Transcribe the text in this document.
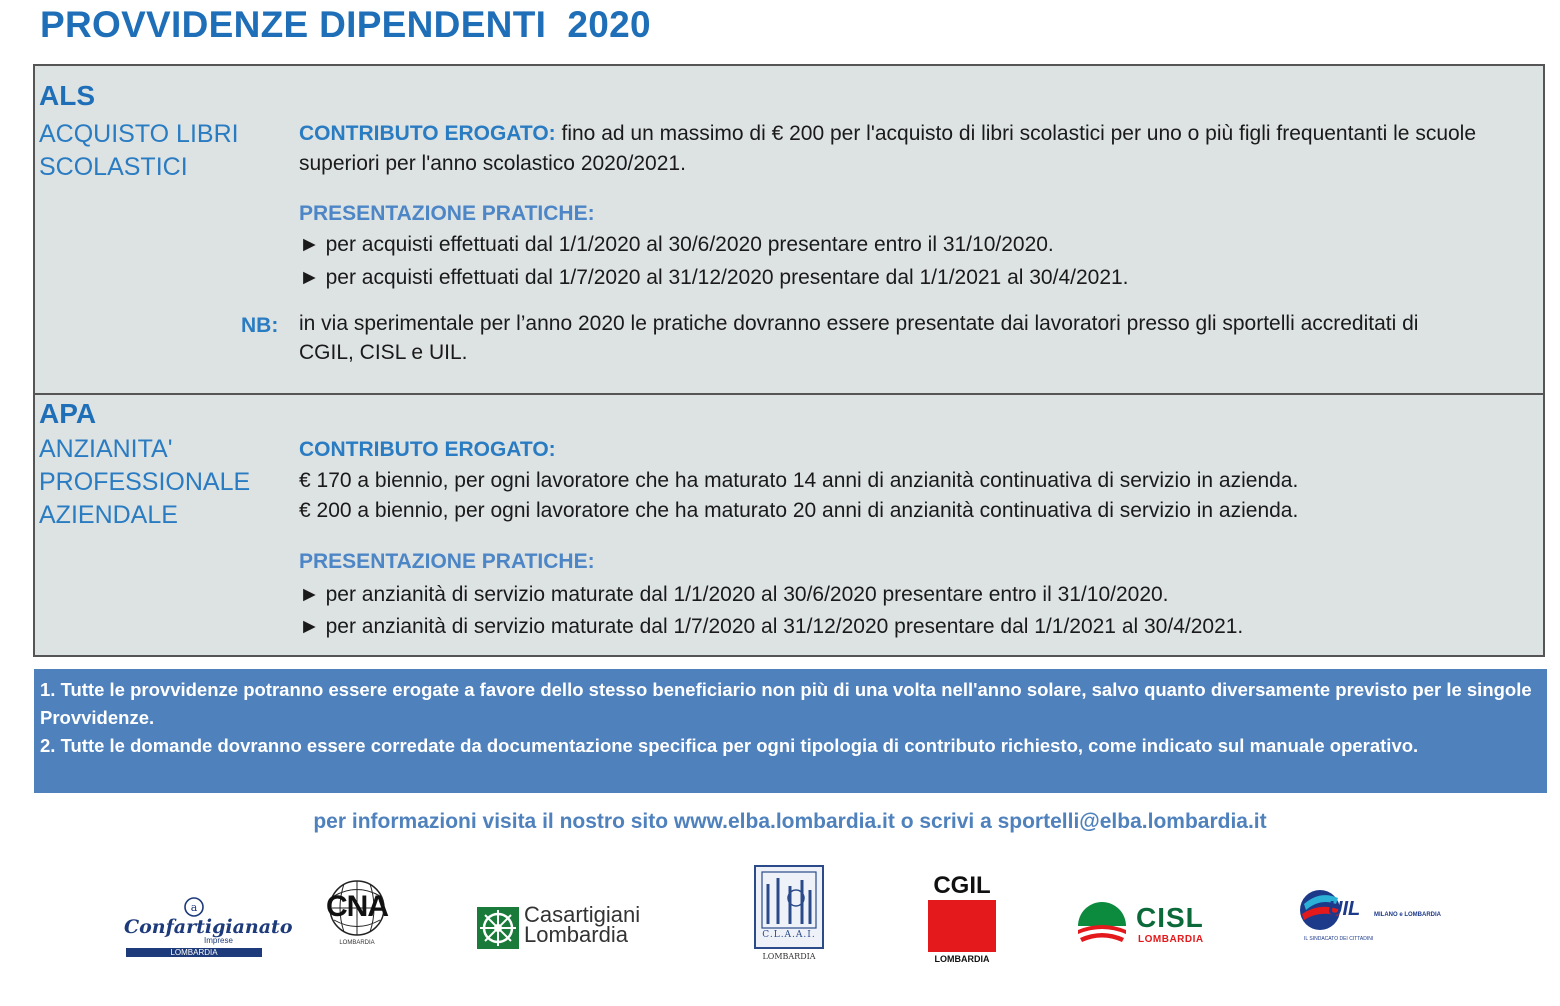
PROVVIDENZE DIPENDENTI  2020
ALS
ACQUISTO LIBRI SCOLASTICI
CONTRIBUTO EROGATO: fino ad un massimo di € 200 per l'acquisto di libri scolastici per uno o più figli frequentanti le scuole superiori per l'anno scolastico 2020/2021.
PRESENTAZIONE PRATICHE:
► per acquisti effettuati dal 1/1/2020 al 30/6/2020 presentare entro il 31/10/2020.
► per acquisti effettuati dal 1/7/2020 al 31/12/2020 presentare dal 1/1/2021 al 30/4/2021.
NB: in via sperimentale per l’anno 2020 le pratiche dovranno essere presentate dai lavoratori presso gli sportelli accreditati di CGIL, CISL e UIL.
APA
ANZIANITA' PROFESSIONALE AZIENDALE
CONTRIBUTO EROGATO:
€ 170 a biennio, per ogni lavoratore che ha maturato 14 anni di anzianità continuativa di servizio in azienda.
€ 200 a biennio, per ogni lavoratore che ha maturato 20 anni di anzianità continuativa di servizio in azienda.
PRESENTAZIONE PRATICHE:
► per anzianità di servizio maturate dal 1/1/2020 al 30/6/2020 presentare entro il 31/10/2020.
► per anzianità di servizio maturate dal 1/7/2020 al 31/12/2020 presentare dal 1/1/2021 al 30/4/2021.
1. Tutte le provvidenze potranno essere erogate a favore dello stesso beneficiario non più di una volta nell'anno solare, salvo quanto diversamente previsto per le singole Provvidenze.
2. Tutte le domande dovranno essere corredate da documentazione specifica per ogni tipologia di contributo richiesto, come indicato sul manuale operativo.
per informazioni visita il nostro sito www.elba.lombardia.it o scrivi a sportelli@elba.lombardia.it
a
Confartigianato
Imprese
LOMBARDIA
CNA
LOMBARDIA
Casartigiani
Lombardia	C.L.A.A.I.
LOMBARDIA
CGIL
LOMBARDIA
CISL
LOMBARDIA
UIL MILANO e LOMBARDIA
IL SINDACATO DEI CITTADINI
